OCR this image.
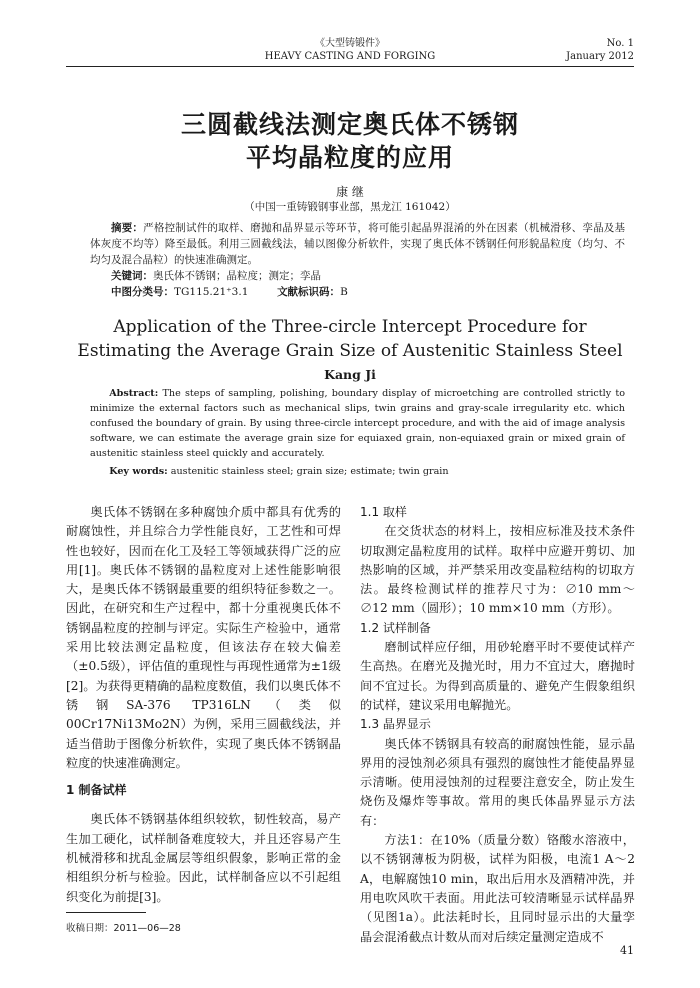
《大型铸锻件》
HEAVY CASTING AND FORGING
No. 1
January 2012
三圆截线法测定奥氏体不锈钢
平均晶粒度的应用
康 继
（中国一重铸锻钢事业部，黑龙江 161042）
摘要：严格控制试件的取样、磨抛和晶界显示等环节，将可能引起晶界混淆的外在因素（机械滑移、孪晶及基体灰度不均等）降至最低。利用三圆截线法，辅以图像分析软件，实现了奥氏体不锈钢任何形貌晶粒度（均匀、不均匀及混合晶粒）的快速准确测定。
关键词：奥氏体不锈钢；晶粒度；测定；孪晶
中图分类号：TG115.21⁺3.1	文献标识码：B
Application of the Three-circle Intercept Procedure for
Estimating the Average Grain Size of Austenitic Stainless Steel
Kang Ji
Abstract: The steps of sampling, polishing, boundary display of microetching are controlled strictly to minimize the external factors such as mechanical slips, twin grains and gray-scale irregularity etc. which confused the boundary of grain. By using three-circle intercept procedure, and with the aid of image analysis software, we can estimate the average grain size for equiaxed grain, non-equiaxed grain or mixed grain of austenitic stainless steel quickly and accurately.
Key words: austenitic stainless steel; grain size; estimate; twin grain

奥氏体不锈钢在多种腐蚀介质中都具有优秀的耐腐蚀性，并且综合力学性能良好，工艺性和可焊性也较好，因而在化工及轻工等领域获得广泛的应用[1]。奥氏体不锈钢的晶粒度对上述性能影响很大，是奥氏体不锈钢最重要的组织特征参数之一。因此，在研究和生产过程中，都十分重视奥氏体不锈钢晶粒度的控制与评定。实际生产检验中，通常采用比较法测定晶粒度，但该法存在较大偏差（±0.5级），评估值的重现性与再现性通常为±1级[2]。为获得更精确的晶粒度数值，我们以奥氏体不锈钢SA-376 TP316LN（类似00Cr17Ni13Mo2N）为例，采用三圆截线法，并适当借助于图像分析软件，实现了奥氏体不锈钢晶粒度的快速准确测定。

1 制备试样

奥氏体不锈钢基体组织较软，韧性较高，易产生加工硬化，试样制备难度较大，并且还容易产生机械滑移和扰乱金属层等组织假象，影响正常的金相组织分析与检验。因此，试样制备应以不引起组织变化为前提[3]。

1.1 取样

在交货状态的材料上，按相应标准及技术条件切取测定晶粒度用的试样。取样中应避开剪切、加热影响的区域，并严禁采用改变晶粒结构的切取方法。最终检测试样的推荐尺寸为：∅10 mm～∅12 mm（圆形）；10 mm×10 mm（方形）。

1.2 试样制备

磨制试样应仔细，用砂轮磨平时不要使试样产生高热。在磨光及抛光时，用力不宜过大，磨抛时间不宜过长。为得到高质量的、避免产生假象组织的试样，建议采用电解抛光。

1.3 晶界显示

奥氏体不锈钢具有较高的耐腐蚀性能，显示晶界用的浸蚀剂必须具有强烈的腐蚀性才能使晶界显示清晰。使用浸蚀剂的过程要注意安全，防止发生烧伤及爆炸等事故。常用的奥氏体晶界显示方法有：

方法1：在10%（质量分数）铬酸水溶液中，以不锈钢薄板为阴极，试样为阳极，电流1 A～2 A，电解腐蚀10 min，取出后用水及酒精冲洗，并用电吹风吹干表面。用此法可较清晰显示试样晶界（见图1a）。此法耗时长，且同时显示出的大量孪晶会混淆截点计数从而对后续定量测定造成不

收稿日期：2011—06—28
41
